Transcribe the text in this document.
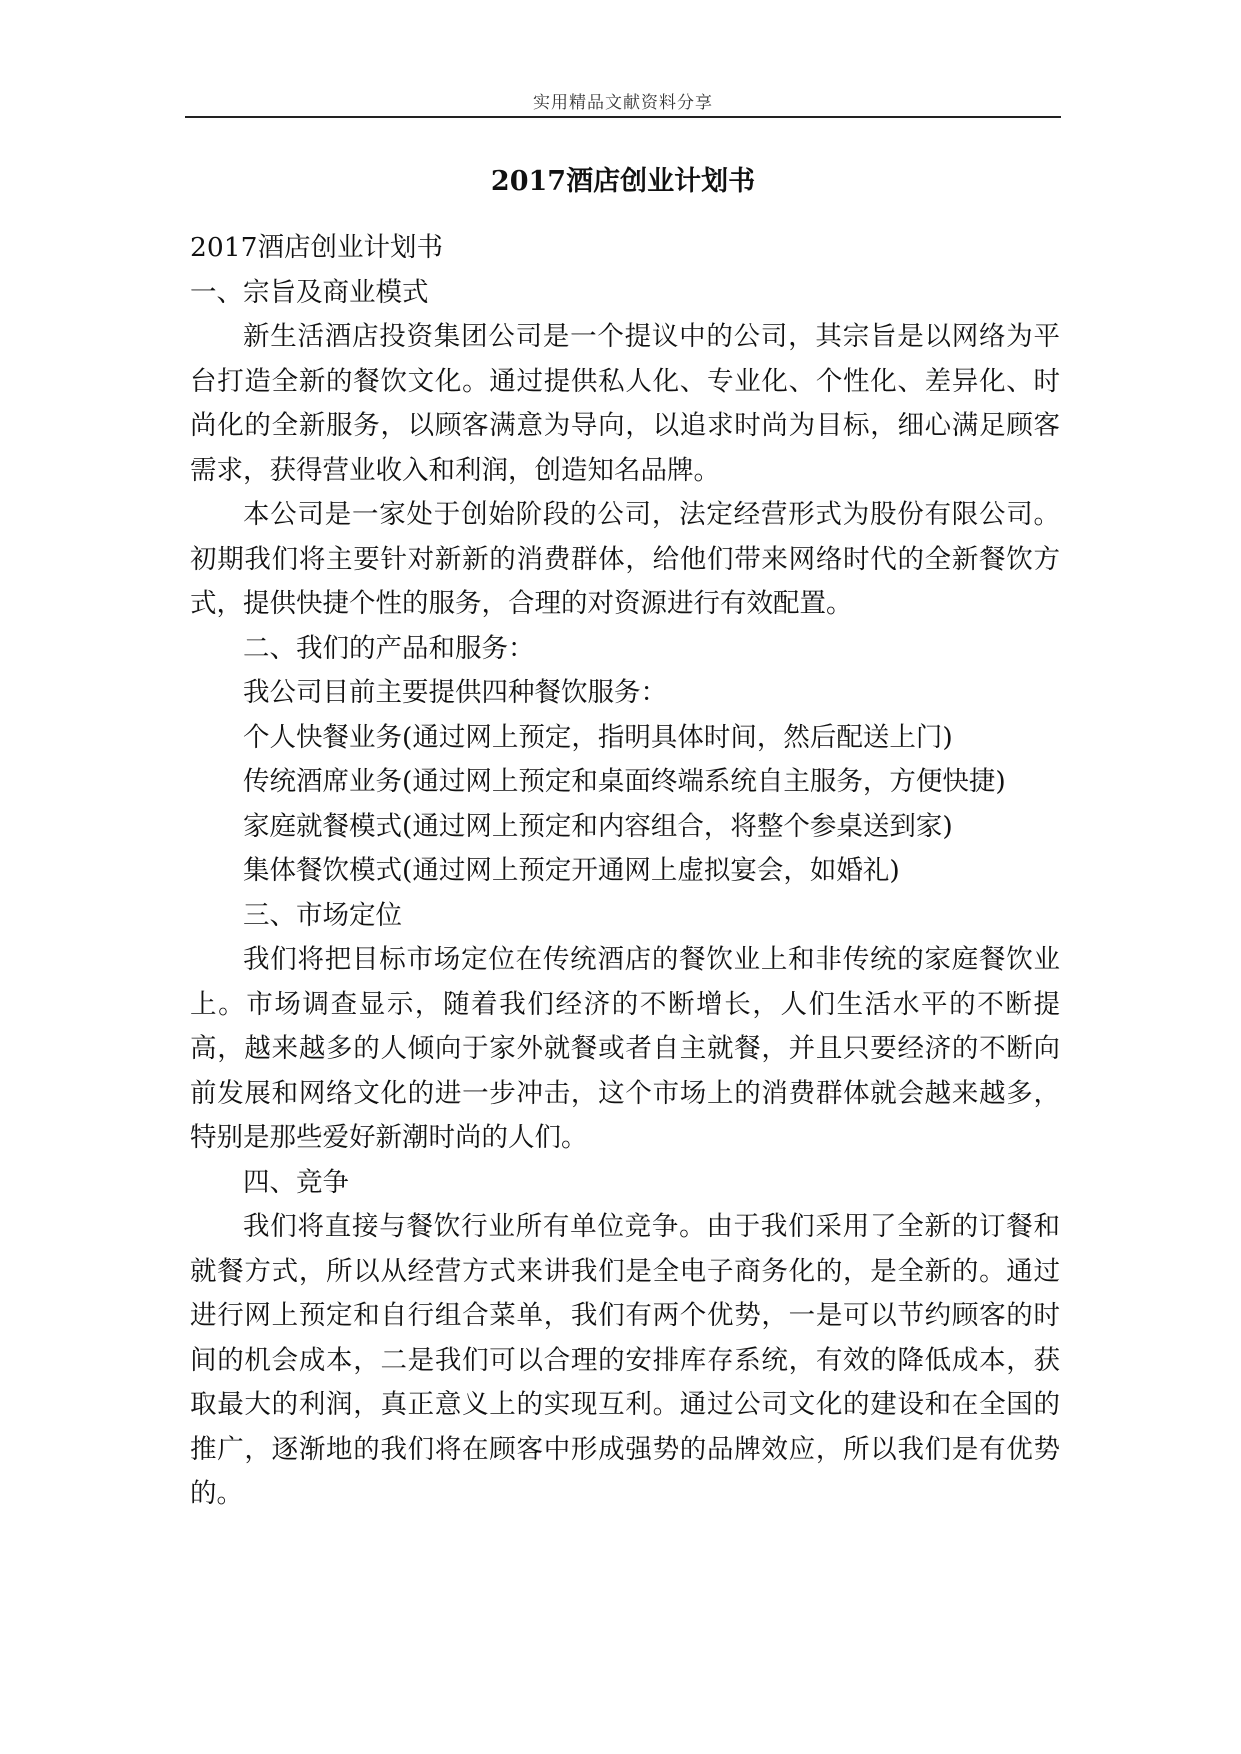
实用精品文献资料分享
2017酒店创业计划书

2017酒店创业计划书

一、宗旨及商业模式

新生活酒店投资集团公司是一个提议中的公司，其宗旨是以网络为平台打造全新的餐饮文化。通过提供私人化、专业化、个性化、差异化、时尚化的全新服务，以顾客满意为导向，以追求时尚为目标，细心满足顾客需求，获得营业收入和利润，创造知名品牌。

本公司是一家处于创始阶段的公司，法定经营形式为股份有限公司。初期我们将主要针对新新的消费群体，给他们带来网络时代的全新餐饮方式，提供快捷个性的服务，合理的对资源进行有效配置。

二、我们的产品和服务：

我公司目前主要提供四种餐饮服务：

个人快餐业务(通过网上预定，指明具体时间，然后配送上门)

传统酒席业务(通过网上预定和桌面终端系统自主服务，方便快捷)

家庭就餐模式(通过网上预定和内容组合，将整个参桌送到家)

集体餐饮模式(通过网上预定开通网上虚拟宴会，如婚礼)

三、市场定位

我们将把目标市场定位在传统酒店的餐饮业上和非传统的家庭餐饮业上。市场调查显示，随着我们经济的不断增长，人们生活水平的不断提高，越来越多的人倾向于家外就餐或者自主就餐，并且只要经济的不断向前发展和网络文化的进一步冲击，这个市场上的消费群体就会越来越多，特别是那些爱好新潮时尚的人们。

四、竞争

我们将直接与餐饮行业所有单位竞争。由于我们采用了全新的订餐和就餐方式，所以从经营方式来讲我们是全电子商务化的，是全新的。通过进行网上预定和自行组合菜单，我们有两个优势，一是可以节约顾客的时间的机会成本，二是我们可以合理的安排库存系统，有效的降低成本，获取最大的利润，真正意义上的实现互利。通过公司文化的建设和在全国的推广，逐渐地的我们将在顾客中形成强势的品牌效应，所以我们是有优势的。
